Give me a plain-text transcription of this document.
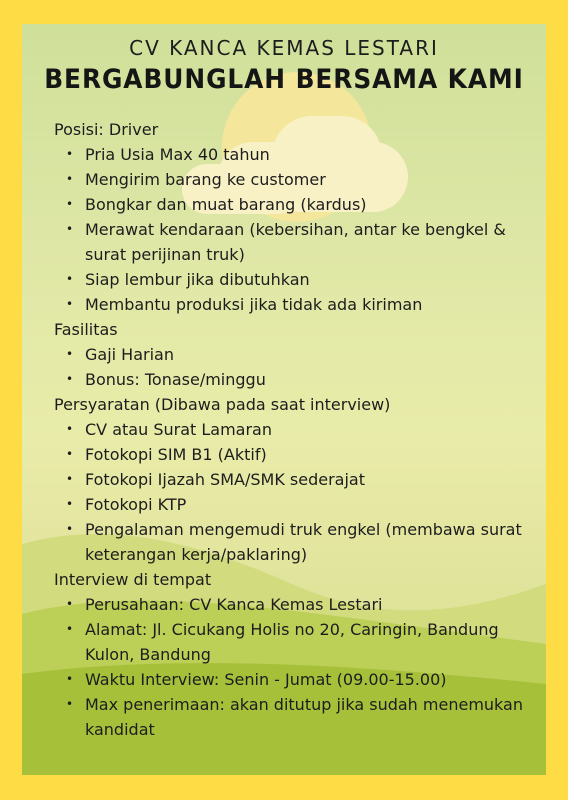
CV KANCA KEMAS LESTARI
BERGABUNGLAH BERSAMA KAMI

Posisi: Driver

• Pria Usia Max 40 tahun
• Mengirim barang ke customer
• Bongkar dan muat barang (kardus)
• Merawat kendaraan (kebersihan, antar ke bengkel & surat perijinan truk)
• Siap lembur jika dibutuhkan
• Membantu produksi jika tidak ada kiriman

Fasilitas

• Gaji Harian
• Bonus: Tonase/minggu

Persyaratan (Dibawa pada saat interview)

• CV atau Surat Lamaran
• Fotokopi SIM B1 (Aktif)
• Fotokopi Ijazah SMA/SMK sederajat
• Fotokopi KTP
• Pengalaman mengemudi truk engkel (membawa surat keterangan kerja/paklaring)

Interview di tempat

• Perusahaan: CV Kanca Kemas Lestari
• Alamat: Jl. Cicukang Holis no 20, Caringin, Bandung Kulon, Bandung
• Waktu Interview: Senin - Jumat (09.00-15.00)
• Max penerimaan: akan ditutup jika sudah menemukan kandidat
